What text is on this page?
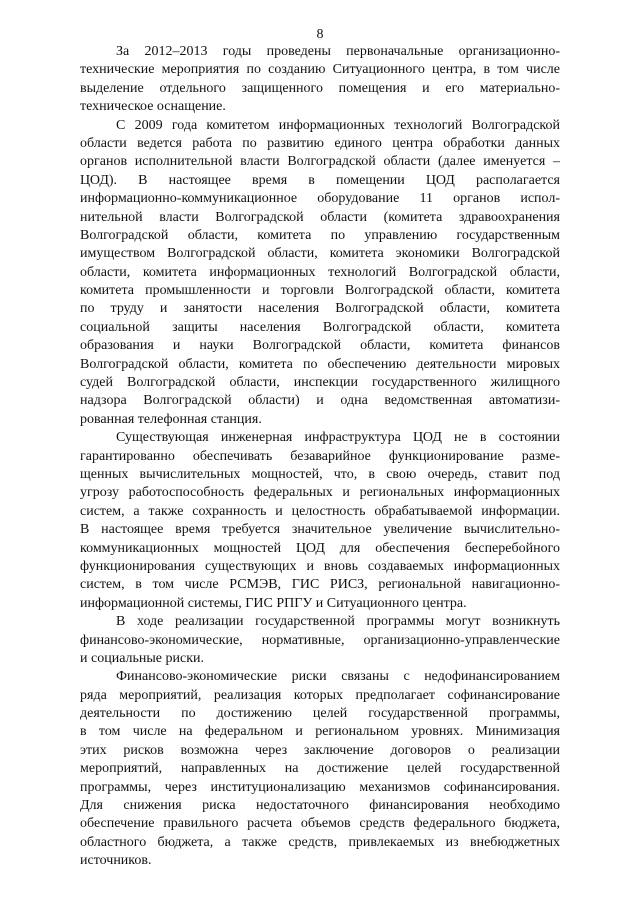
8
За 2012–2013 годы проведены первоначальные организационно-
технические мероприятия по созданию Ситуационного центра, в том числе
выделение отдельного защищенного помещения и его материально-
техническое оснащение.
С 2009 года комитетом информационных технологий Волгоградской
области ведется работа по развитию единого центра обработки данных
органов исполнительной власти Волгоградской области (далее именуется –
ЦОД). В настоящее время в помещении ЦОД располагается
информационно-коммуникационное оборудование 11 органов испол-
нительной власти Волгоградской области (комитета здравоохранения
Волгоградской области, комитета по управлению государственным
имуществом Волгоградской области, комитета экономики Волгоградской
области, комитета информационных технологий Волгоградской области,
комитета промышленности и торговли Волгоградской области, комитета
по труду и занятости населения Волгоградской области, комитета
социальной защиты населения Волгоградской области, комитета
образования и науки Волгоградской области, комитета финансов
Волгоградской области, комитета по обеспечению деятельности мировых
судей Волгоградской области, инспекции государственного жилищного
надзора Волгоградской области) и одна ведомственная автоматизи-
рованная телефонная станция.
Существующая инженерная инфраструктура ЦОД не в состоянии
гарантированно обеспечивать безаварийное функционирование разме-
щенных вычислительных мощностей, что, в свою очередь, ставит под
угрозу работоспособность федеральных и региональных информационных
систем, а также сохранность и целостность обрабатываемой информации.
В настоящее время требуется значительное увеличение вычислительно-
коммуникационных мощностей ЦОД для обеспечения бесперебойного
функционирования существующих и вновь создаваемых информационных
систем, в том числе РСМЭВ, ГИС РИСЗ, региональной навигационно-
информационной системы, ГИС РПГУ и Ситуационного центра.
В ходе реализации государственной программы могут возникнуть
финансово-экономические, нормативные, организационно-управленческие
и социальные риски.
Финансово-экономические риски связаны с недофинансированием
ряда мероприятий, реализация которых предполагает софинансирование
деятельности по достижению целей государственной программы,
в том числе на федеральном и региональном уровнях. Минимизация
этих рисков возможна через заключение договоров о реализации
мероприятий, направленных на достижение целей государственной
программы, через институционализацию механизмов софинансирования.
Для снижения риска недостаточного финансирования необходимо
обеспечение правильного расчета объемов средств федерального бюджета,
областного бюджета, а также средств, привлекаемых из внебюджетных
источников.
